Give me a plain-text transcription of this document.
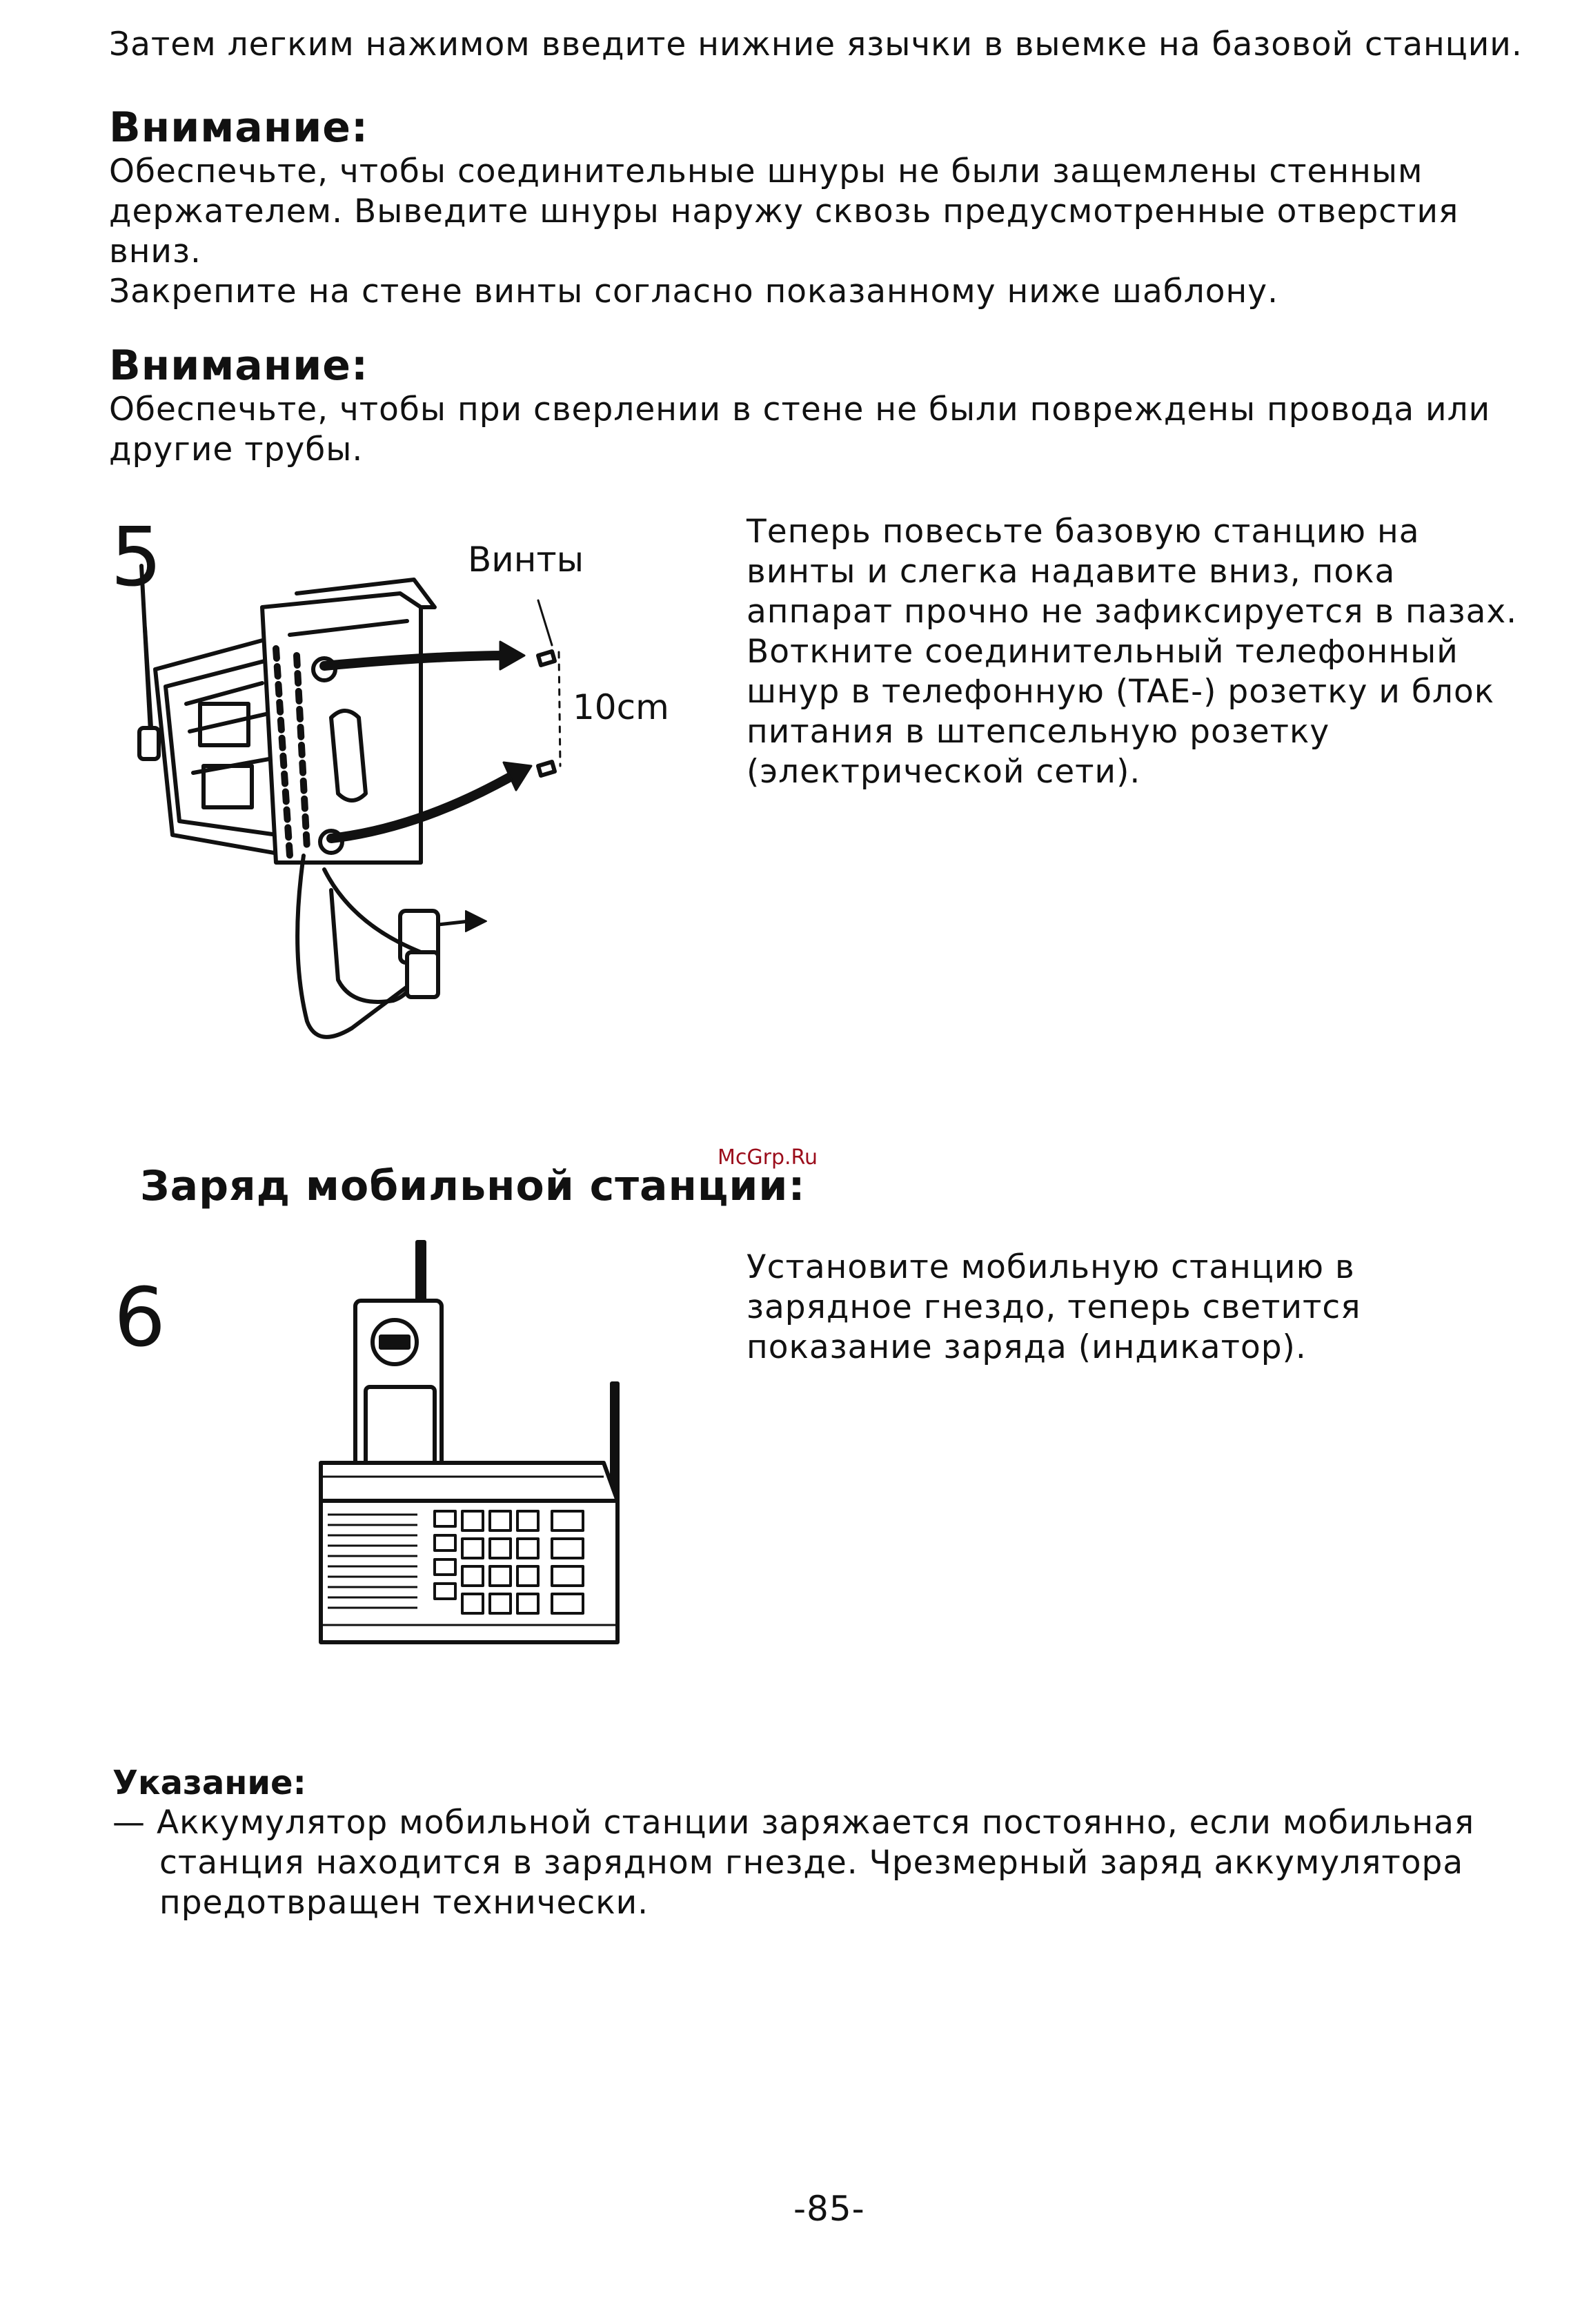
Затем легким нажимом введите нижние язычки в выемке на базовой станции.
Внимание:
Обеспечьте, чтобы соединительные шнуры не были защемлены стенным
держателем. Выведите шнуры наружу сквозь предусмотренные отверстия
вниз.
Закрепите на стене винты согласно показанному ниже шаблону.
Внимание:
Обеспечьте, чтобы при сверлении в стене не были повреждены провода или
другие трубы.
5	Винты
10cm
Теперь повесьте базовую станцию на
винты и слегка надавите вниз, пока
аппарат прочно не зафиксируется в пазах.
Воткните соединительный телефонный
шнур в телефонную (TAE-) розетку и блок
питания в штепсельную розетку
(электрической сети).
McGrp.Ru
Заряд мобильной станции:
6
Установите мобильную станцию в
зарядное гнездо, теперь светится
показание заряда (индикатор).
Указание:
— Аккумулятор мобильной станции заряжается постоянно, если мобильная
станция находится в зарядном гнезде. Чрезмерный заряд аккумулятора
предотвращен технически.
-85-
